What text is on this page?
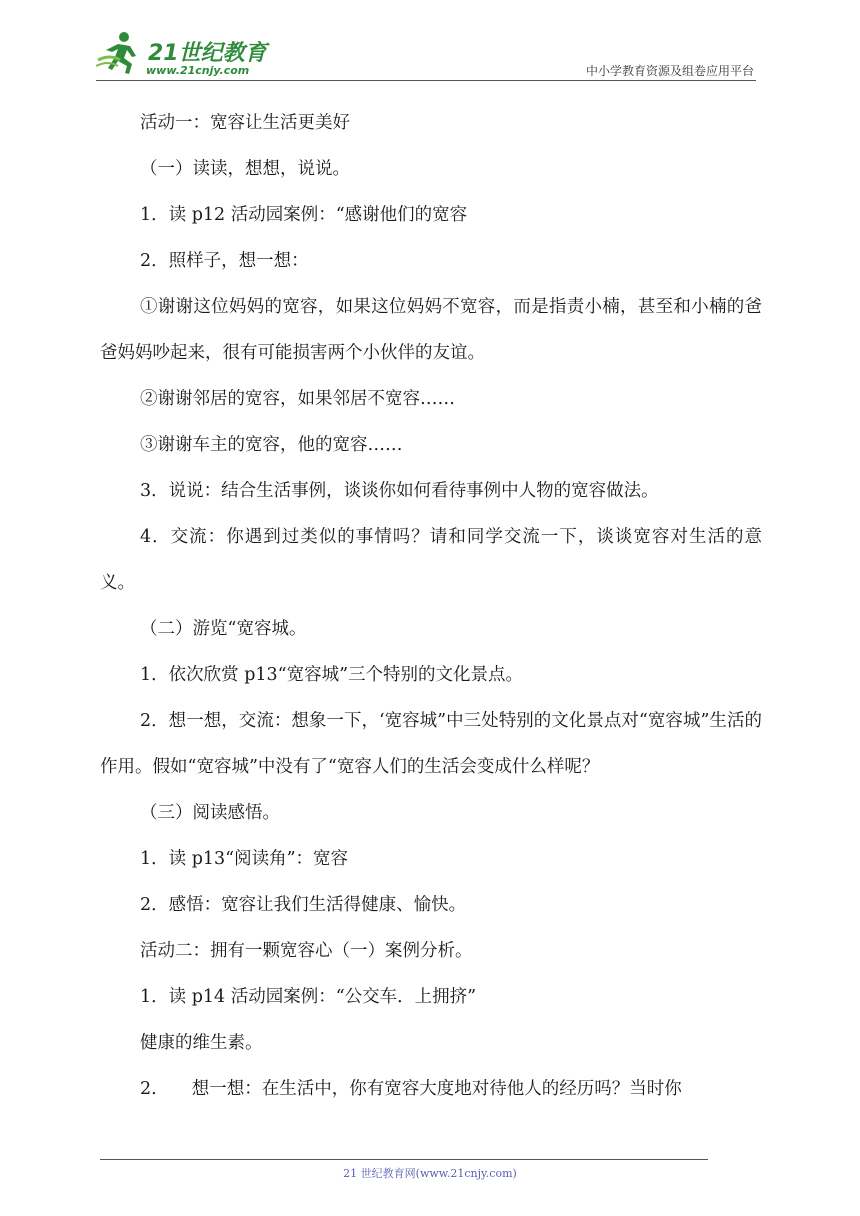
21世纪教育
www.21cnjy.com	中小学教育资源及组卷应用平台

活动一：宽容让生活更美好

（一）读读，想想，说说。

1．读 p12 活动园案例：“感谢他们的宽容

2．照样子，想一想：

①谢谢这位妈妈的宽容，如果这位妈妈不宽容，而是指责小楠，甚至和小楠的爸爸妈妈吵起来，很有可能损害两个小伙伴的友谊。

②谢谢邻居的宽容，如果邻居不宽容……

③谢谢车主的宽容，他的宽容……

3．说说：结合生活事例，谈谈你如何看待事例中人物的宽容做法。

4．交流：你遇到过类似的事情吗？请和同学交流一下，谈谈宽容对生活的意义。

（二）游览“宽容城。

1．依次欣赏 p13“宽容城”三个特别的文化景点。

2．想一想，交流：想象一下，‘宽容城”中三处特别的文化景点对“宽容城”生活的作用。假如“宽容城”中没有了“宽容人们的生活会变成什么样呢？

（三）阅读感悟。

1．读 p13“阅读角”：宽容

2．感悟：宽容让我们生活得健康、愉快。

活动二：拥有一颗宽容心（一）案例分析。

1．读 p14 活动园案例：“公交车．上拥挤”

健康的维生素。

2.　　想一想：在生活中，你有宽容大度地对待他人的经历吗？当时你

21 世纪教育网(www.21cnjy.com)
